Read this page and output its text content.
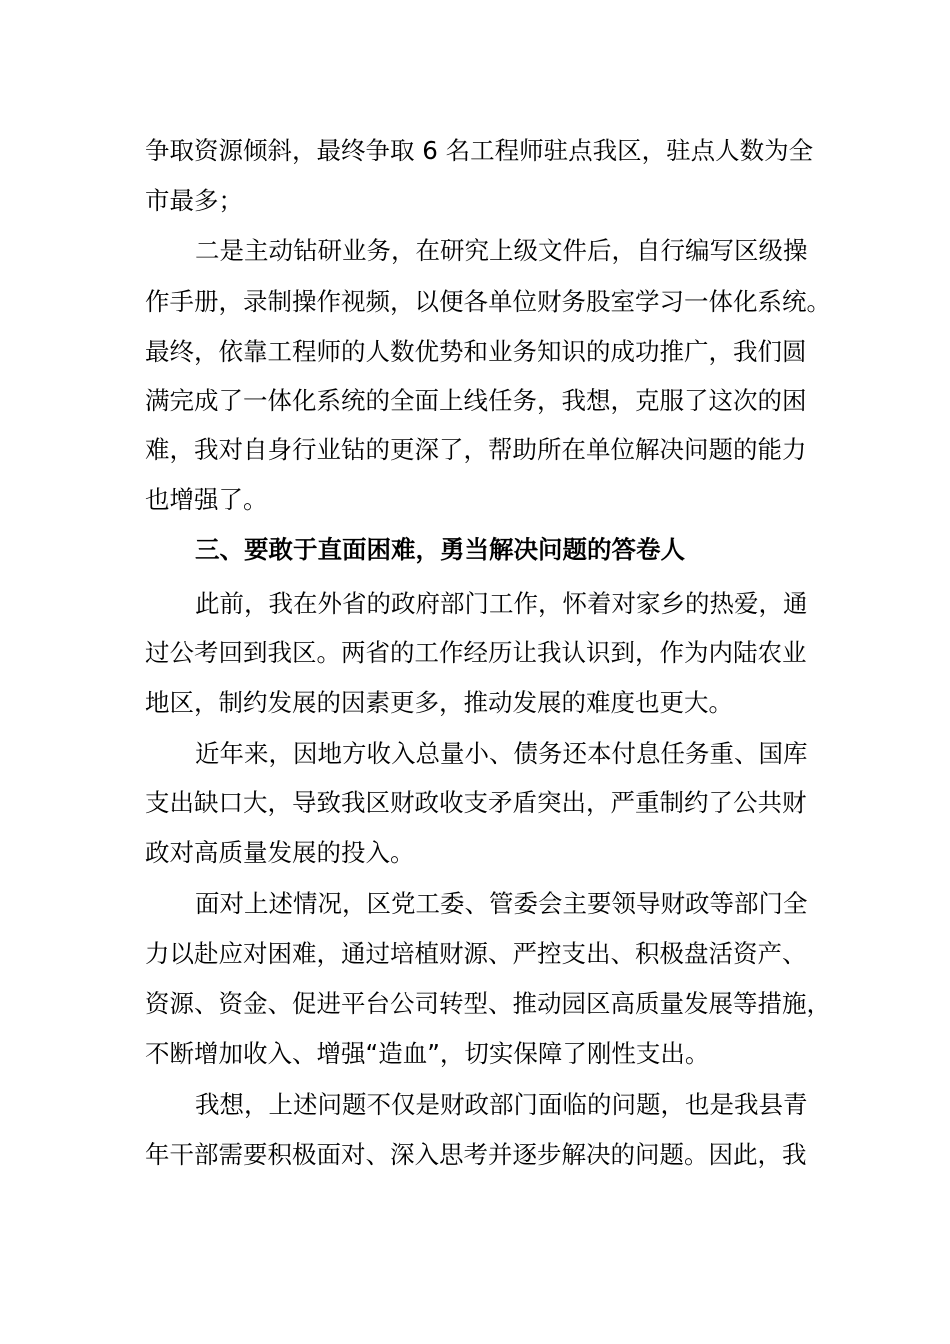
争取资源倾斜，最终争取 6 名工程师驻点我区，驻点人数为全
市最多；
二是主动钻研业务，在研究上级文件后，自行编写区级操
作手册，录制操作视频，以便各单位财务股室学习一体化系统。
最终，依靠工程师的人数优势和业务知识的成功推广，我们圆
满完成了一体化系统的全面上线任务，我想，克服了这次的困
难，我对自身行业钻的更深了，帮助所在单位解决问题的能力
也增强了。
三、要敢于直面困难，勇当解决问题的答卷人
此前，我在外省的政府部门工作，怀着对家乡的热爱，通
过公考回到我区。两省的工作经历让我认识到，作为内陆农业
地区，制约发展的因素更多，推动发展的难度也更大。
近年来，因地方收入总量小、债务还本付息任务重、国库
支出缺口大，导致我区财政收支矛盾突出，严重制约了公共财
政对高质量发展的投入。
面对上述情况，区党工委、管委会主要领导财政等部门全
力以赴应对困难，通过培植财源、严控支出、积极盘活资产、
资源、资金、促进平台公司转型、推动园区高质量发展等措施，
不断增加收入、增强“造血”，切实保障了刚性支出。
我想，上述问题不仅是财政部门面临的问题，也是我县青
年干部需要积极面对、深入思考并逐步解决的问题。因此，我
